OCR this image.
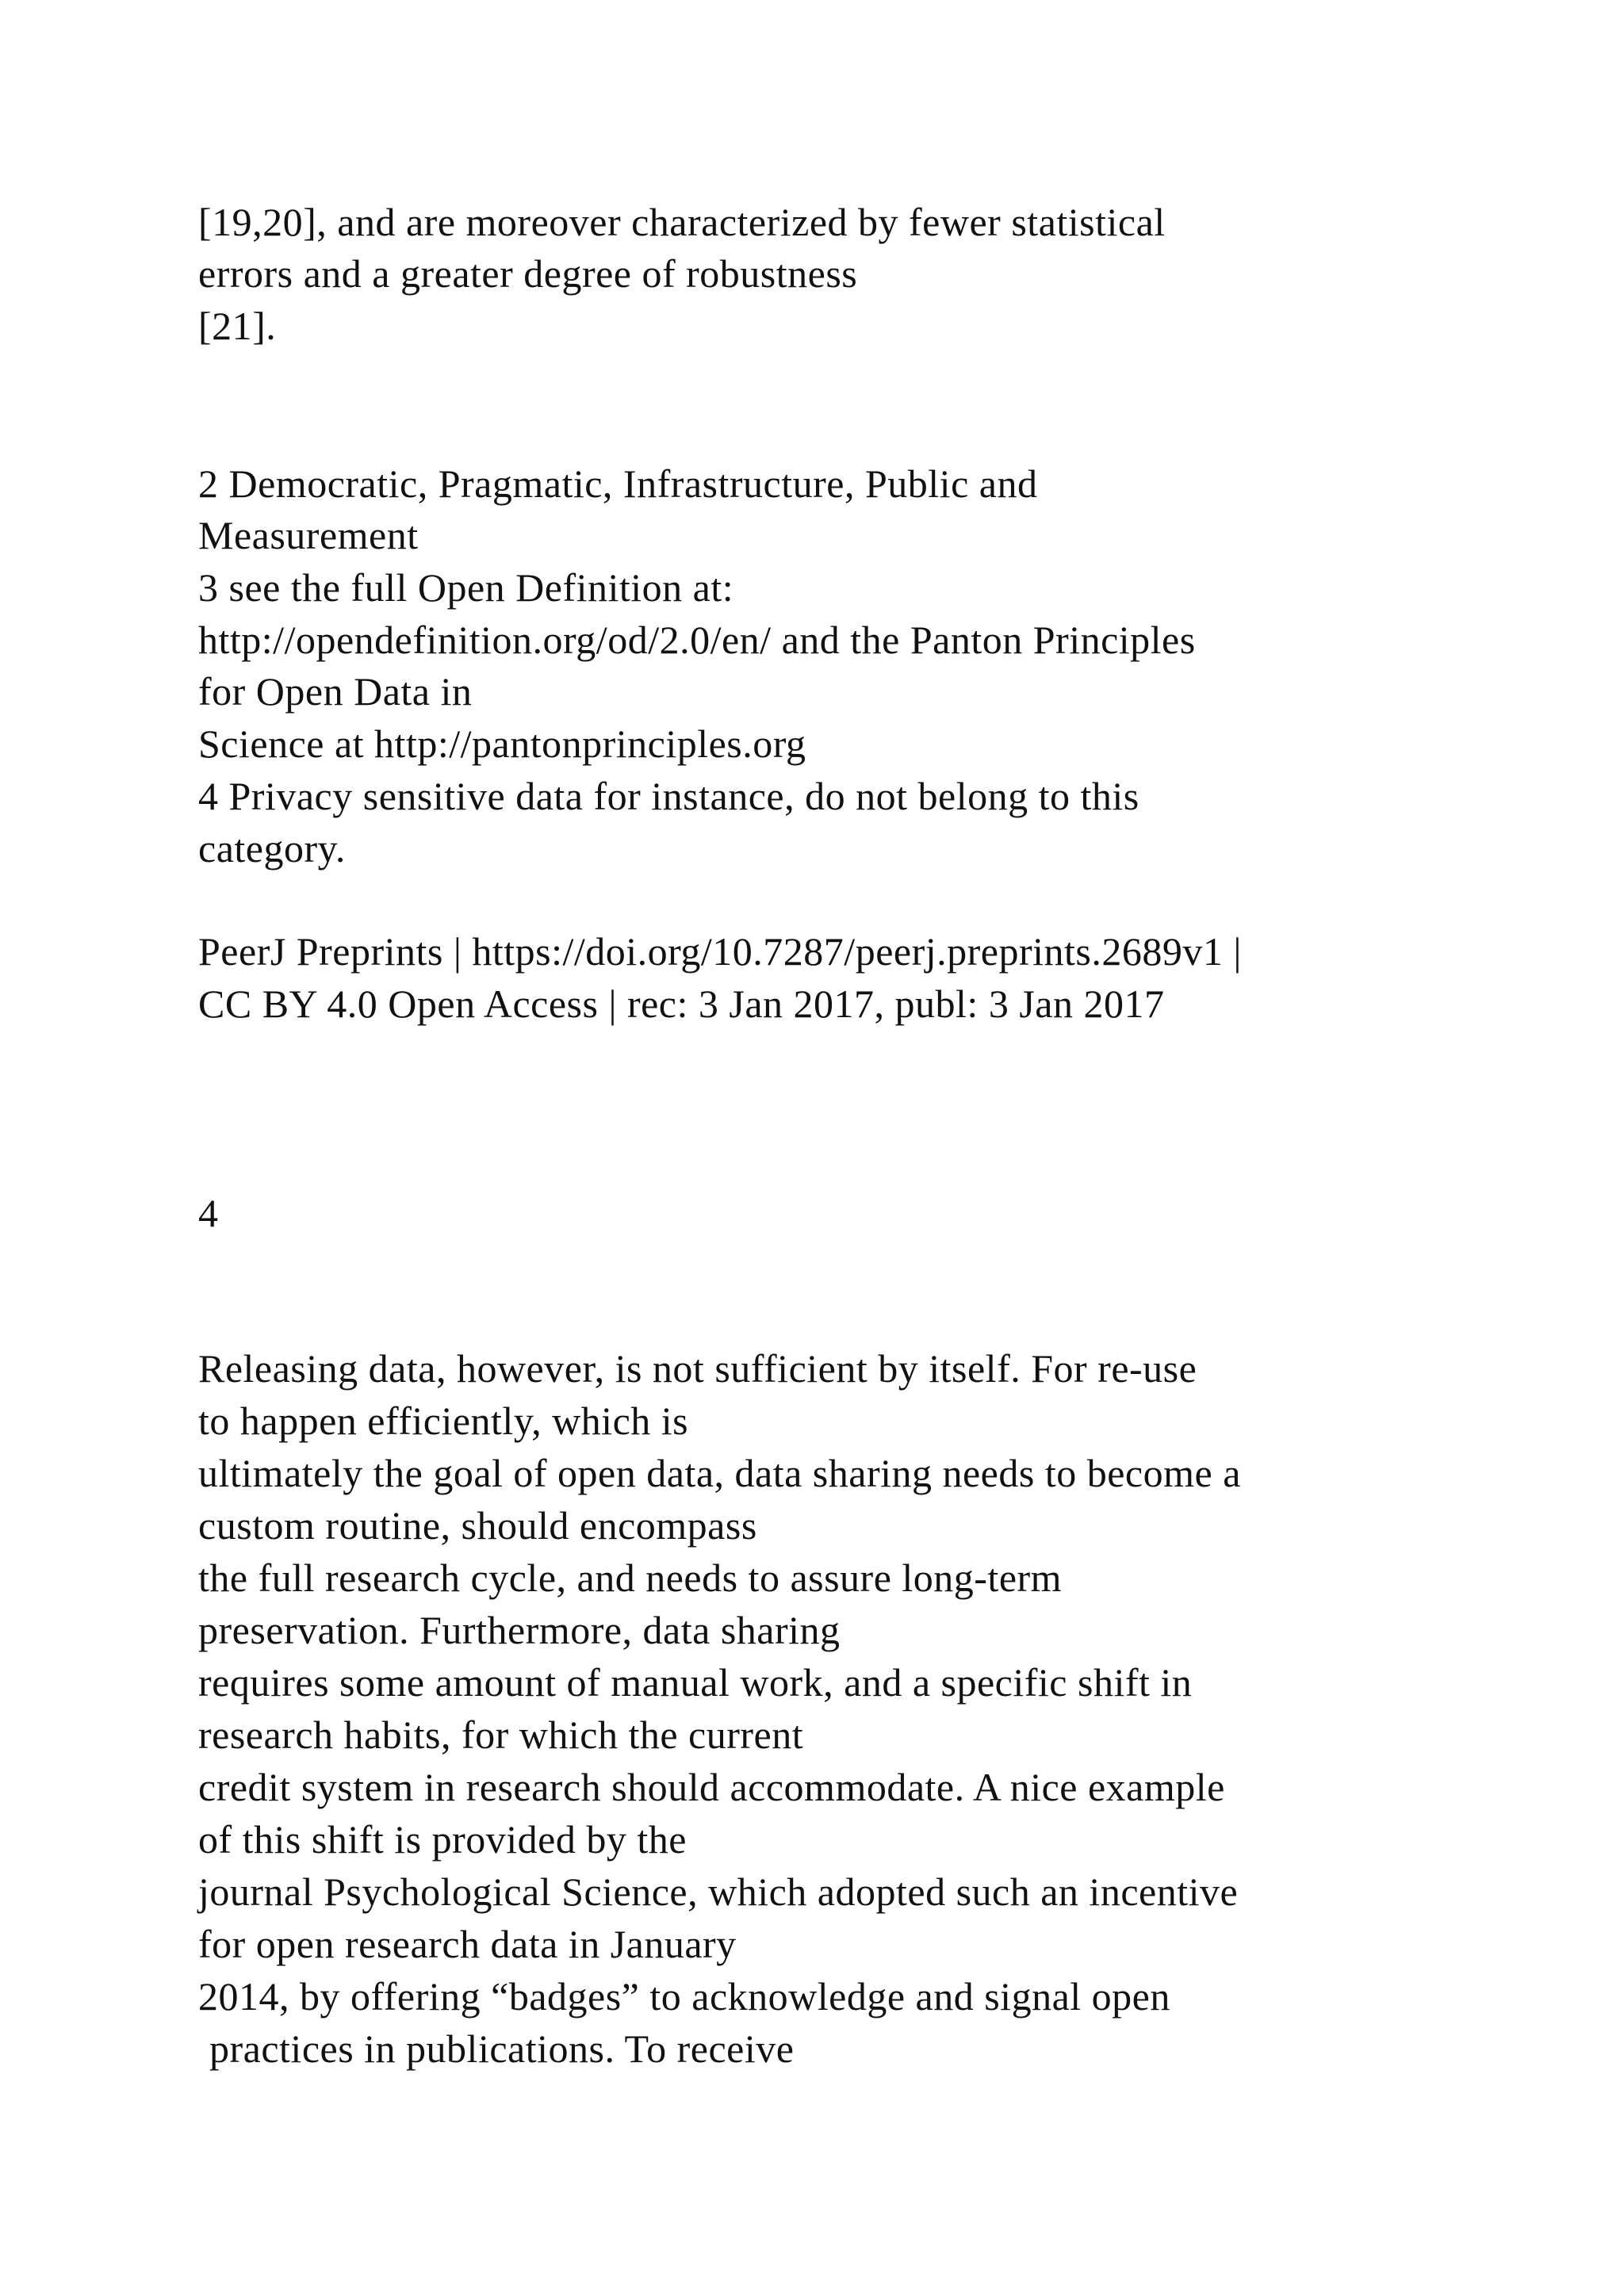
[19,20], and are moreover characterized by fewer statistical
errors and a greater degree of robustness
[21].
2 Democratic, Pragmatic, Infrastructure, Public and
Measurement
3 see the full Open Definition at:
http://opendefinition.org/od/2.0/en/ and the Panton Principles
for Open Data in
Science at http://pantonprinciples.org
4 Privacy sensitive data for instance, do not belong to this
category.
PeerJ Preprints | https://doi.org/10.7287/peerj.preprints.2689v1 |
CC BY 4.0 Open Access | rec: 3 Jan 2017, publ: 3 Jan 2017
4
Releasing data, however, is not sufficient by itself. For re-use
to happen efficiently, which is
ultimately the goal of open data, data sharing needs to become a
custom routine, should encompass
the full research cycle, and needs to assure long-term
preservation. Furthermore, data sharing
requires some amount of manual work, and a specific shift in
research habits, for which the current
credit system in research should accommodate. A nice example
of this shift is provided by the
journal Psychological Science, which adopted such an incentive
for open research data in January
2014, by offering “badges” to acknowledge and signal open
practices in publications. To receive
